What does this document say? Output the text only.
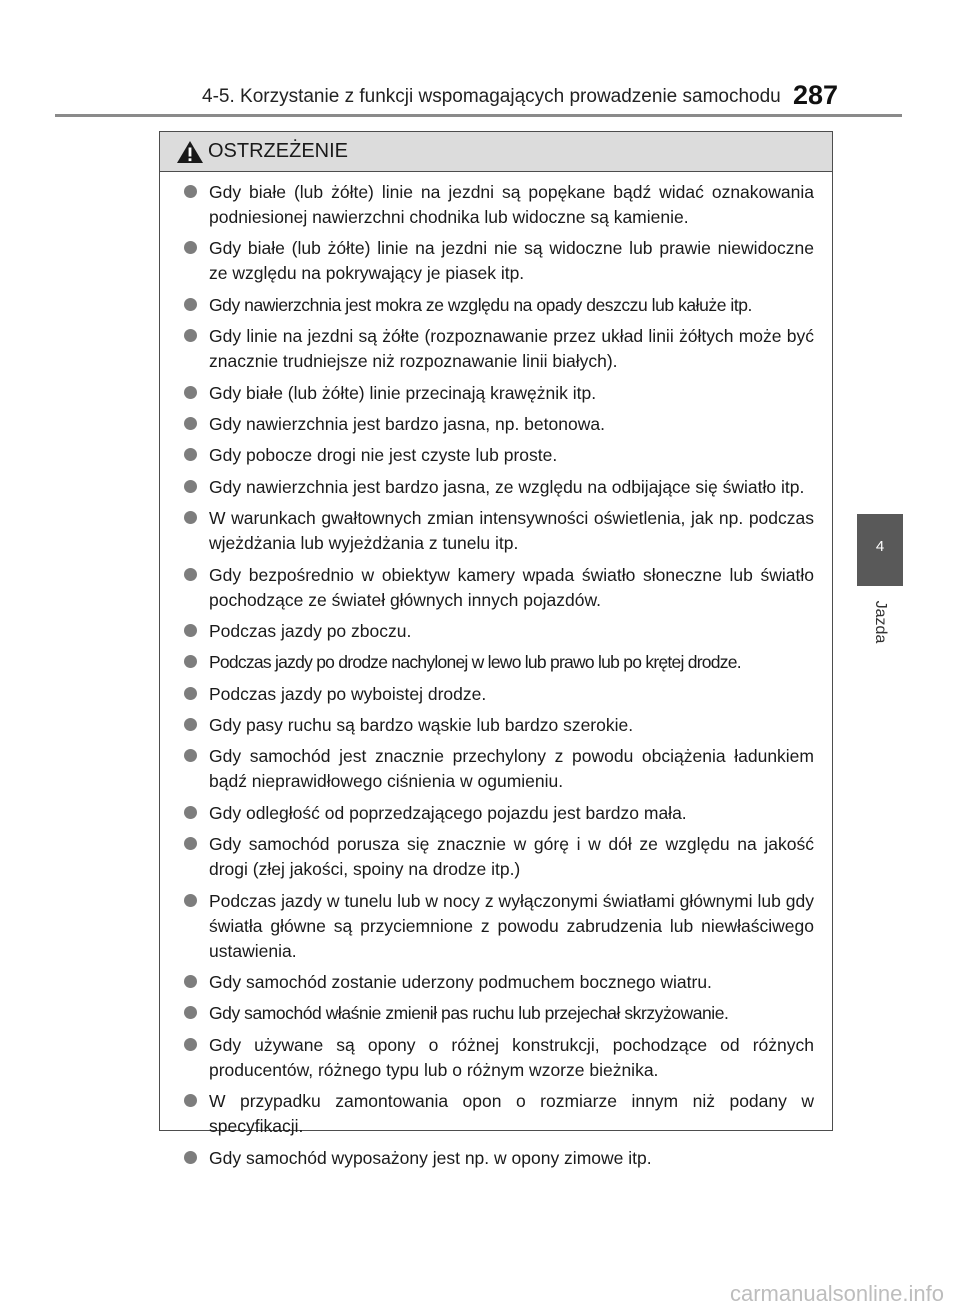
4-5. Korzystanie z funkcji wspomagających prowadzenie samochodu 287
4
Jazda
OSTRZEŻENIE
Gdy białe (lub żółte) linie na jezdni są popękane bądź widać oznakowania podniesionej nawierzchni chodnika lub widoczne są kamienie.
Gdy białe (lub żółte) linie na jezdni nie są widoczne lub prawie niewidoczne ze względu na pokrywający je piasek itp.
Gdy nawierzchnia jest mokra ze względu na opady deszczu lub kałuże itp.
Gdy linie na jezdni są żółte (rozpoznawanie przez układ linii żółtych może być znacznie trudniejsze niż rozpoznawanie linii białych).
Gdy białe (lub żółte) linie przecinają krawężnik itp.
Gdy nawierzchnia jest bardzo jasna, np. betonowa.
Gdy pobocze drogi nie jest czyste lub proste.
Gdy nawierzchnia jest bardzo jasna, ze względu na odbijające się światło itp.
W warunkach gwałtownych zmian intensywności oświetlenia, jak np. podczas wjeżdżania lub wyjeżdżania z tunelu itp.
Gdy bezpośrednio w obiektyw kamery wpada światło słoneczne lub światło pochodzące ze świateł głównych innych pojazdów.
Podczas jazdy po zboczu.
Podczas jazdy po drodze nachylonej w lewo lub prawo lub po krętej drodze.
Podczas jazdy po wyboistej drodze.
Gdy pasy ruchu są bardzo wąskie lub bardzo szerokie.
Gdy samochód jest znacznie przechylony z powodu obciążenia ładunkiem bądź nieprawidłowego ciśnienia w ogumieniu.
Gdy odległość od poprzedzającego pojazdu jest bardzo mała.
Gdy samochód porusza się znacznie w górę i w dół ze względu na jakość drogi (złej jakości, spoiny na drodze itp.)
Podczas jazdy w tunelu lub w nocy z wyłączonymi światłami głównymi lub gdy światła główne są przyciemnione z powodu zabrudzenia lub niewłaściwego ustawienia.
Gdy samochód zostanie uderzony podmuchem bocznego wiatru.
Gdy samochód właśnie zmienił pas ruchu lub przejechał skrzyżowanie.
Gdy używane są opony o różnej konstrukcji, pochodzące od różnych producentów, różnego typu lub o różnym wzorze bieżnika.
W przypadku zamontowania opon o rozmiarze innym niż podany w specyfikacji.
Gdy samochód wyposażony jest np. w opony zimowe itp.
carmanualsonline.info
